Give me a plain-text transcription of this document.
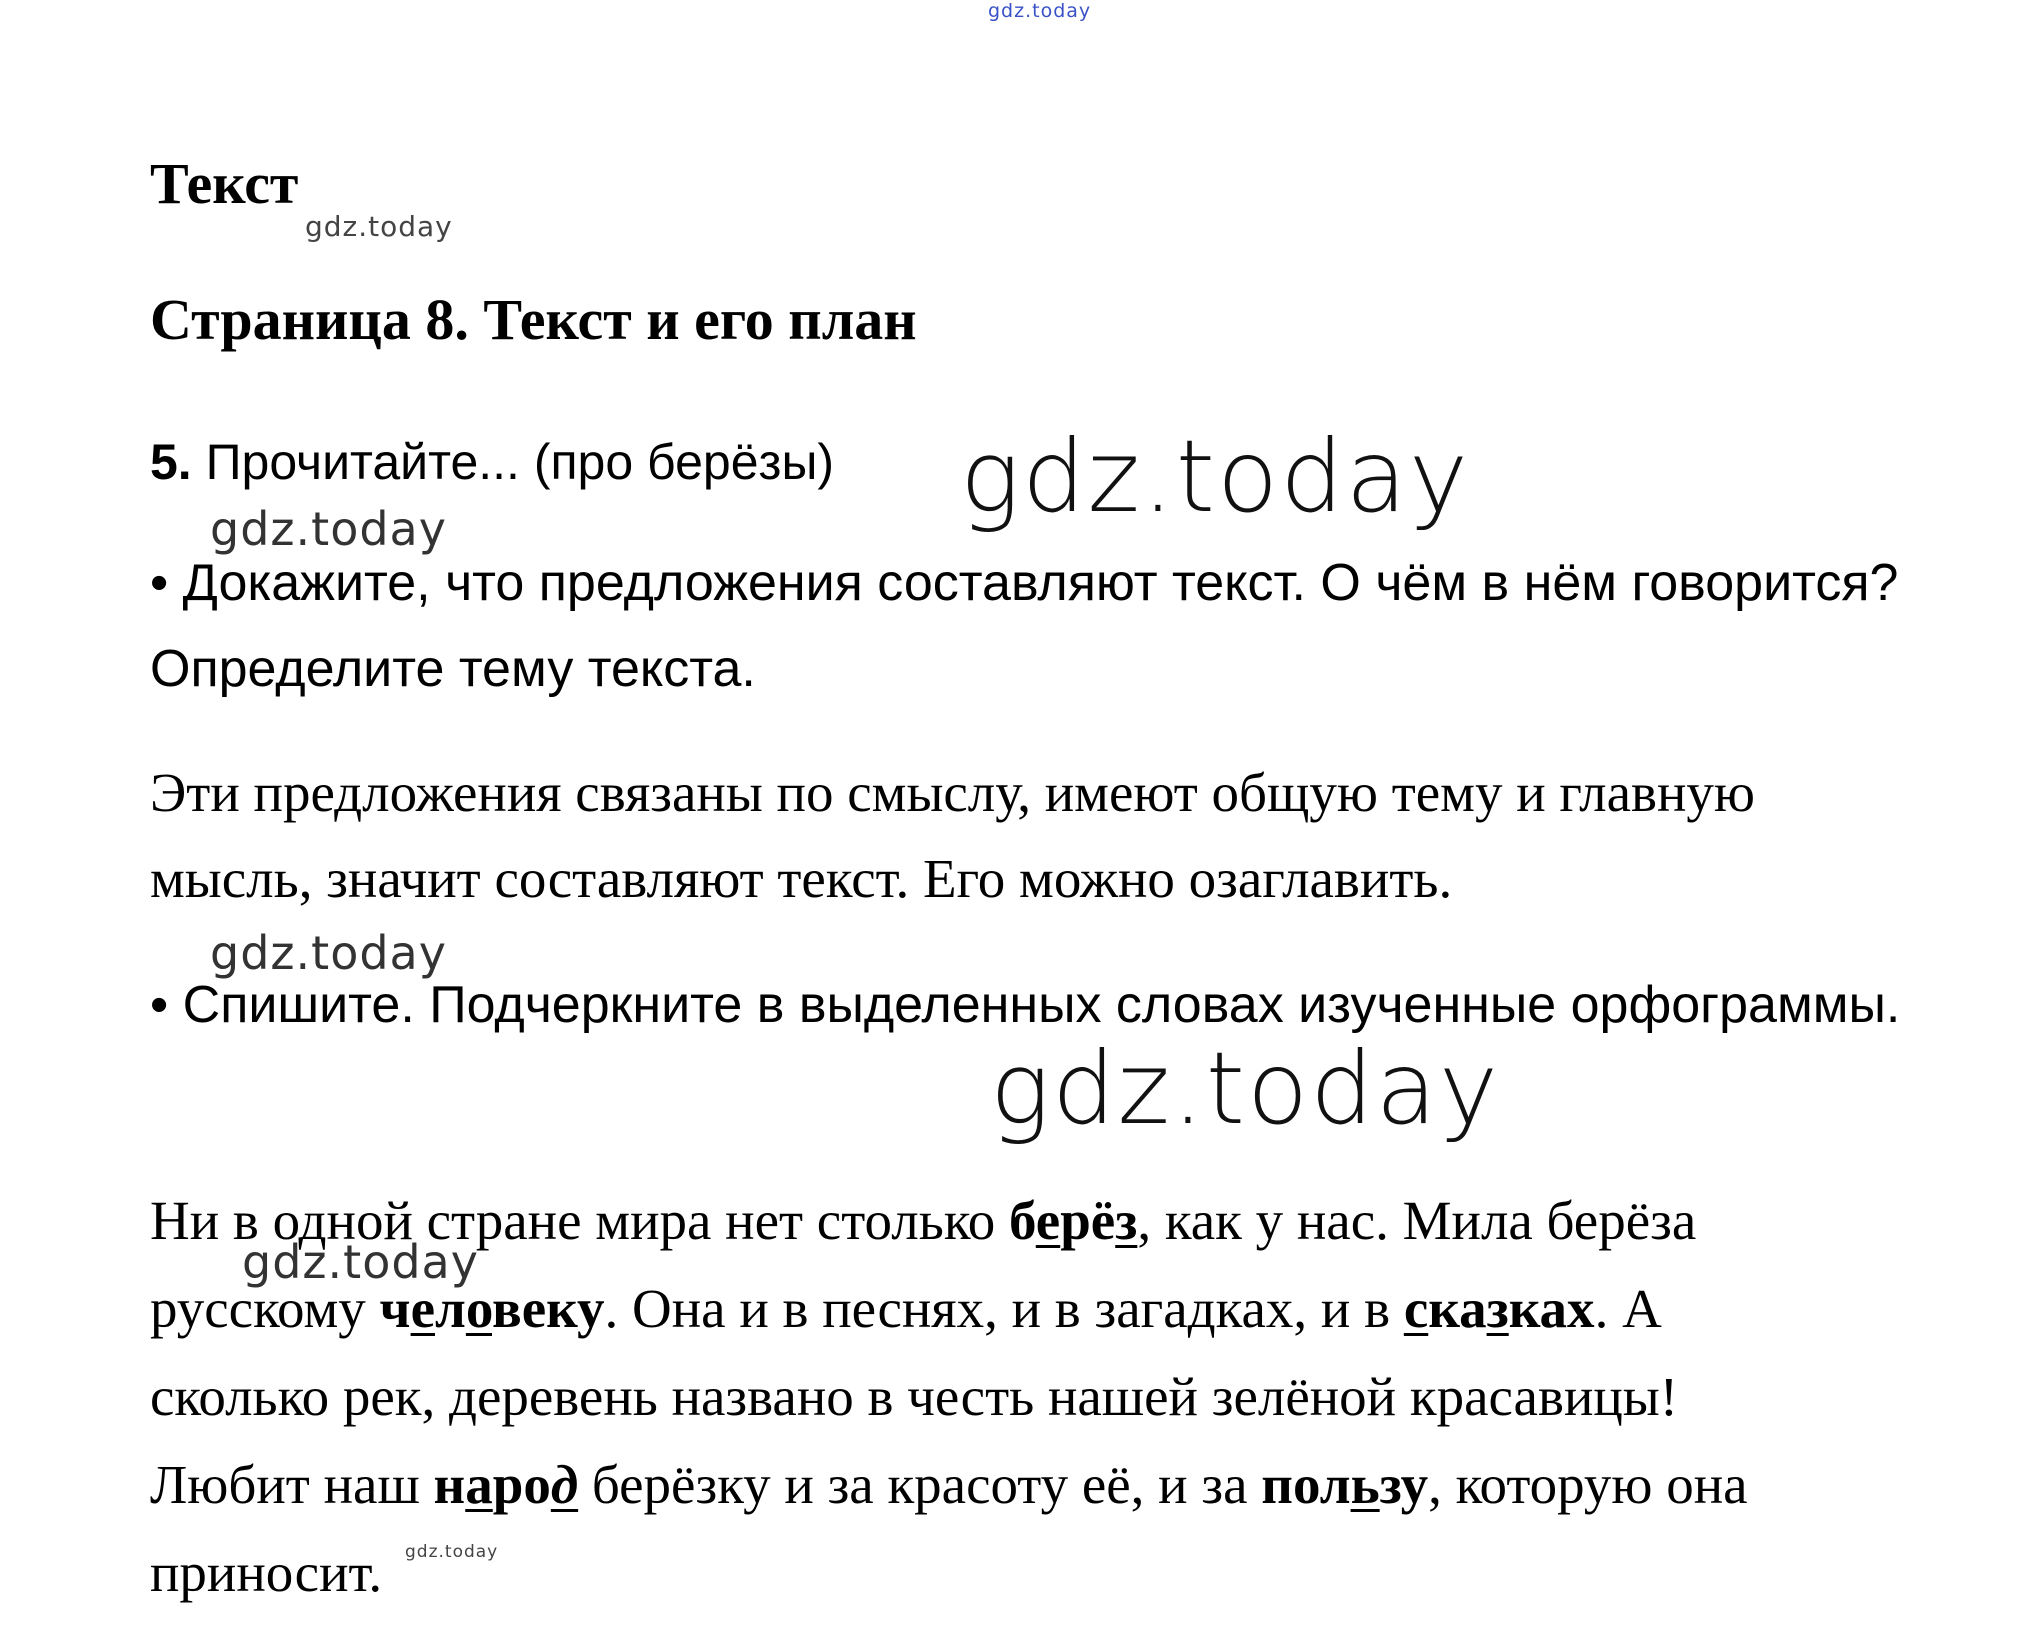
gdz.today
Текст
gdz.today
Страница 8. Текст и его план
5. Прочитайте... (про берёзы) gdz.today
gdz.today
• Докажите, что предложения составляют текст. О чём в нём говорится? Определите тему текста.
Эти предложения связаны по смыслу, имеют общую тему и главную
мысль, значит составляют текст. Его можно озаглавить.
gdz.today
• Спишите. Подчеркните в выделенных словах изученные орфограммы.
gdz.today
Ни в одной стране мира нет столько берёз, как у нас. Мила берёза
русскому человеку. Она и в песнях, и в загадках, и в сказках. А
сколько рек, деревень названо в честь нашей зелёной красавицы!
Любит наш народ берёзку и за красоту её, и за пользу, которую она
приносит.
gdz.today
gdz.today
